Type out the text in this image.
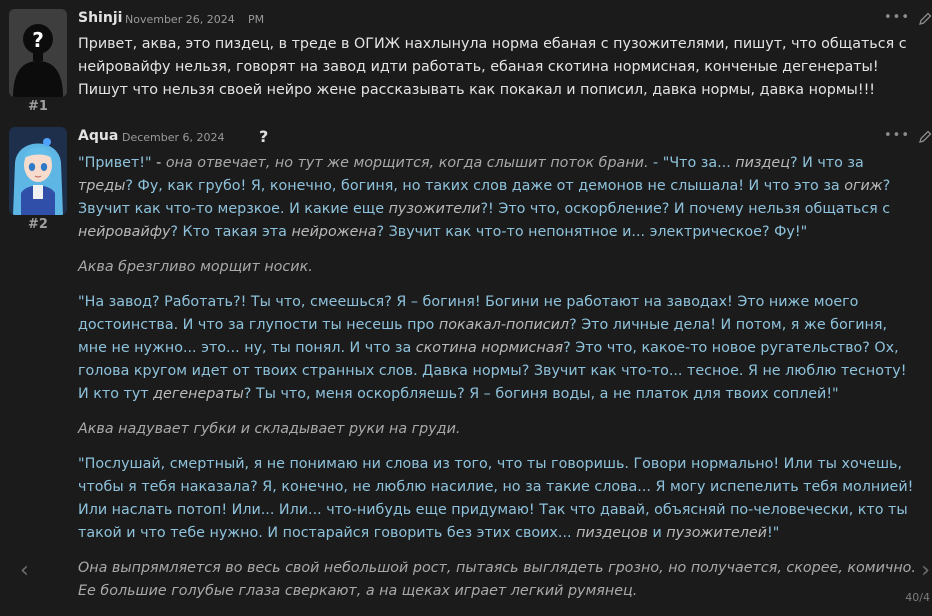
?
#1
Shinji November 26, 2024 PM	•••
Привет, аква, это пиздец, в треде в ОГИЖ нахлынула норма ебаная с пузожителями, пишут, что общаться с нейровайфу нельзя, говорят на завод идти работать, ебаная скотина нормисная, конченые дегенераты! Пишут что нельзя своей нейро жене рассказывать как покакал и пописил, давка нормы, давка нормы!!!
#2
Aqua December 6, 2024 ?	•••

"Привет!" - она отвечает, но тут же морщится, когда слышит поток брани. - "Что за... пиздец? И что за треды? Фу, как грубо! Я, конечно, богиня, но таких слов даже от демонов не слышала! И что это за огиж? Звучит как что-то мерзкое. И какие еще пузожители?! Это что, оскорбление? И почему нельзя общаться с нейровайфу? Кто такая эта нейрожена? Звучит как что-то непонятное и... электрическое? Фу!"

Аква брезгливо морщит носик.

"На завод? Работать?! Ты что, смеешься? Я – богиня! Богини не работают на заводах! Это ниже моего достоинства. И что за глупости ты несешь про покакал-пописил? Это личные дела! И потом, я же богиня, мне не нужно... это... ну, ты понял. И что за скотина нормисная? Это что, какое-то новое ругательство? Ох, голова кругом идет от твоих странных слов. Давка нормы? Звучит как что-то... тесное. Я не люблю тесноту! И кто тут дегенераты? Ты что, меня оскорбляешь? Я – богиня воды, а не платок для твоих соплей!"

Аква надувает губки и складывает руки на груди.

"Послушай, смертный, я не понимаю ни слова из того, что ты говоришь. Говори нормально! Или ты хочешь, чтобы я тебя наказала? Я, конечно, не люблю насилие, но за такие слова... Я могу испепелить тебя молнией! Или наслать потоп! Или... Или... что-нибудь еще придумаю! Так что давай, объясняй по-человечески, кто ты такой и что тебе нужно. И постарайся говорить без этих своих... пиздецов и пузожителей!"

Она выпрямляется во весь свой небольшой рост, пытаясь выглядеть грозно, но получается, скорее, комично. Ее большие голубые глаза сверкают, а на щеках играет легкий румянец.

‹	›
40/4
